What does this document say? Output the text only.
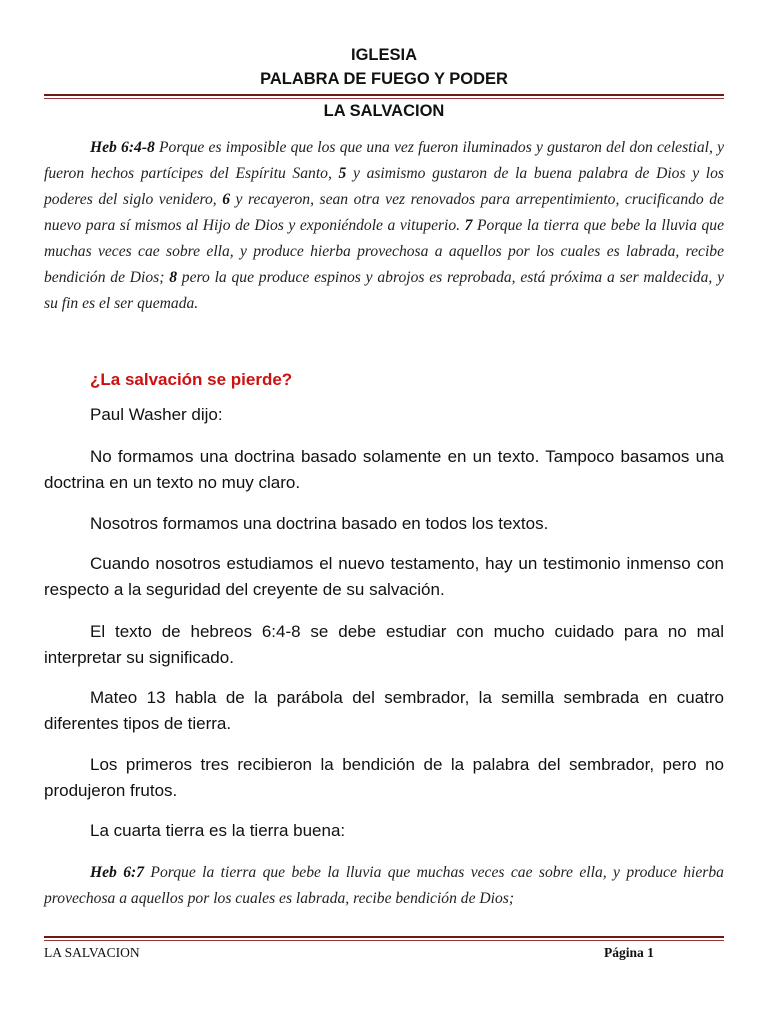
IGLESIA
PALABRA DE FUEGO Y PODER
LA SALVACION
Heb 6:4-8 Porque es imposible que los que una vez fueron iluminados y gustaron del don celestial, y fueron hechos partícipes del Espíritu Santo, 5 y asimismo gustaron de la buena palabra de Dios y los poderes del siglo venidero, 6 y recayeron, sean otra vez renovados para arrepentimiento, crucificando de nuevo para sí mismos al Hijo de Dios y exponiéndole a vituperio. 7 Porque la tierra que bebe la lluvia que muchas veces cae sobre ella, y produce hierba provechosa a aquellos por los cuales es labrada, recibe bendición de Dios; 8 pero la que produce espinos y abrojos es reprobada, está próxima a ser maldecida, y su fin es el ser quemada.
¿La salvación se pierde?
Paul Washer dijo:
No formamos una doctrina basado solamente en un texto. Tampoco basamos una doctrina en un texto no muy claro.
Nosotros formamos una doctrina basado en todos los textos.
Cuando nosotros estudiamos el nuevo testamento, hay un testimonio inmenso con respecto a la seguridad del creyente de su salvación.
El texto de hebreos 6:4-8 se debe estudiar con mucho cuidado para no mal interpretar su significado.
Mateo 13 habla de la parábola del sembrador, la semilla sembrada en cuatro diferentes tipos de tierra.
Los primeros tres recibieron la bendición de la palabra del sembrador, pero no produjeron frutos.
La cuarta tierra es la tierra buena:
Heb 6:7 Porque la tierra que bebe la lluvia que muchas veces cae sobre ella, y produce hierba provechosa a aquellos por los cuales es labrada, recibe bendición de Dios;
LA SALVACION	Página 1
